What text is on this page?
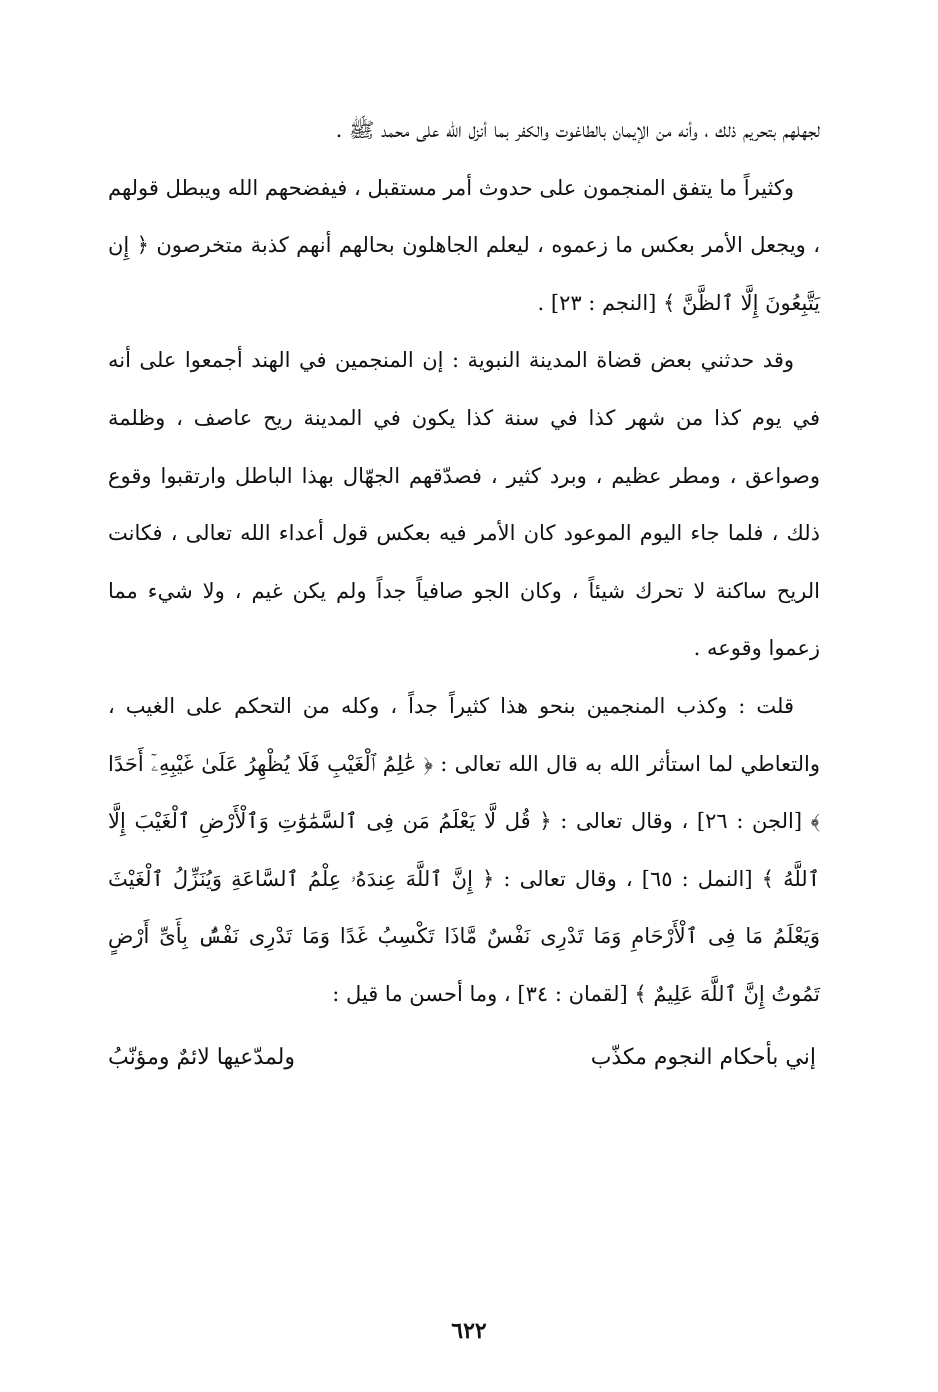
لجهلهم بتحريم ذلك ، وأنه من الإيمان بالطاغوت والكفر بما أنزل الله على محمد ﷺ .

وكثيراً ما يتفق المنجمون على حدوث أمر مستقبل ، فيفضحهم الله ويبطل قولهم ، ويجعل الأمر بعكس ما زعموه ، ليعلم الجاهلون بحالهم أنهم كذبة متخرصون ﴿ إِن يَتَّبِعُونَ إِلَّا ٱلظَّنَّ ﴾ [النجم : ٢٣] .

وقد حدثني بعض قضاة المدينة النبوية : إن المنجمين في الهند أجمعوا على أنه في يوم كذا من شهر كذا في سنة كذا يكون في المدينة ريح عاصف ، وظلمة وصواعق ، ومطر عظيم ، وبرد كثير ، فصدّقهم الجهّال بهذا الباطل وارتقبوا وقوع ذلك ، فلما جاء اليوم الموعود كان الأمر فيه بعكس قول أعداء الله تعالى ، فكانت الريح ساكنة لا تحرك شيئاً ، وكان الجو صافياً جداً ولم يكن غيم ، ولا شيء مما زعموا وقوعه .

قلت : وكذب المنجمين بنحو هذا كثيراً جداً ، وكله من التحكم على الغيب ، والتعاطي لما استأثر الله به قال الله تعالى : ﴿ عَٰلِمُ ٱلْغَيْبِ فَلَا يُظْهِرُ عَلَىٰ غَيْبِهِۦٓ أَحَدًا ﴾ [الجن : ٢٦] ، وقال تعالى : ﴿ قُل لَّا يَعْلَمُ مَن فِى ٱلسَّمَٰوَٰتِ وَٱلْأَرْضِ ٱلْغَيْبَ إِلَّا ٱللَّهُ ﴾ [النمل : ٦٥] ، وقال تعالى : ﴿ إِنَّ ٱللَّهَ عِندَهُۥ عِلْمُ ٱلسَّاعَةِ وَيُنَزِّلُ ٱلْغَيْثَ وَيَعْلَمُ مَا فِى ٱلْأَرْحَامِ وَمَا تَدْرِى نَفْسٌ مَّاذَا تَكْسِبُ غَدًا وَمَا تَدْرِى نَفْسٌۢ بِأَىِّ أَرْضٍ تَمُوتُ إِنَّ ٱللَّهَ عَلِيمٌ ﴾ [لقمان : ٣٤] ، وما أحسن ما قيل :

إني بأحكام النجوم مكذّب
ولمدّعيها لائمٌ ومؤنّبُ
٦٢٢
